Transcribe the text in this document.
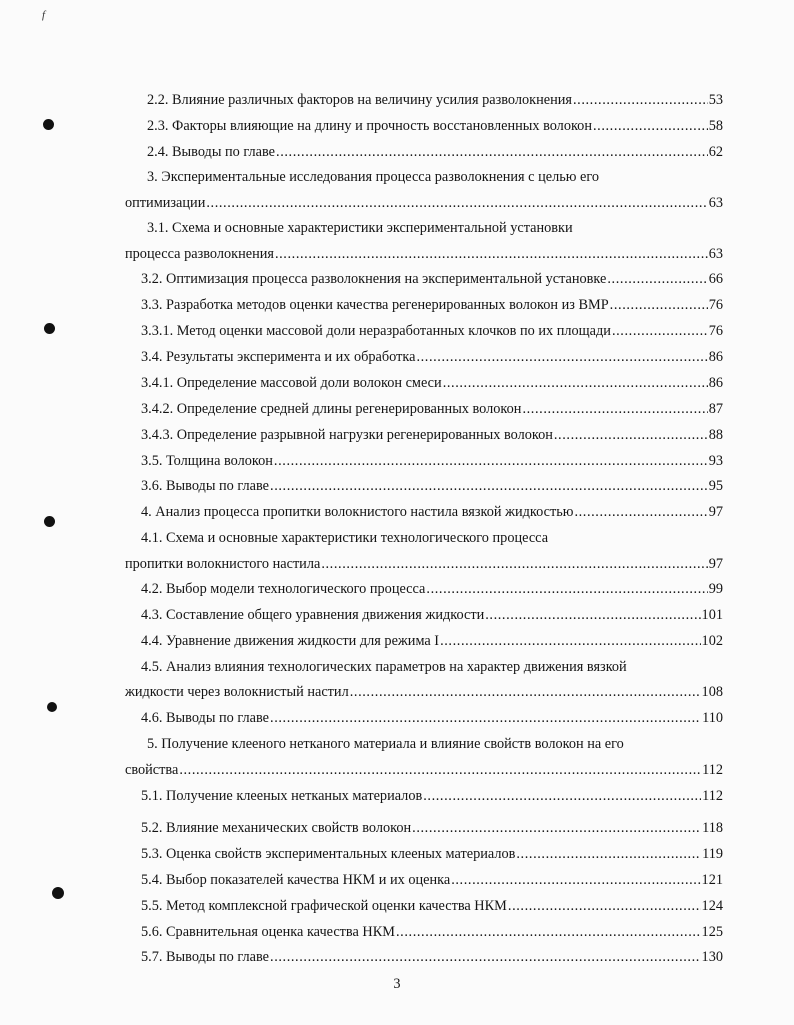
f
2.2. Влияние различных факторов на величину усилия разволокнения .....	53
2.3. Факторы влияющие на длину и прочность восстановленных волокон .....	58
2.4. Выводы по главе .....	62
3. Экспериментальные исследования процесса разволокнения с целью его
оптимизации .....	63
3.1. Схема и основные характеристики экспериментальной установки
процесса разволокнения .....	63
3.2. Оптимизация процесса разволокнения на экспериментальной установке .....	66
3.3. Разработка методов оценки качества регенерированных волокон из ВМР .....	76
3.3.1. Метод оценки массовой доли неразработанных клочков по их площади .....	76
3.4. Результаты эксперимента и их обработка .....	86
3.4.1. Определение массовой доли волокон смеси .....	86
3.4.2. Определение средней длины регенерированных волокон .....	87
3.4.3. Определение разрывной нагрузки регенерированных волокон .....	88
3.5. Толщина волокон .....	93
3.6. Выводы по главе .....	95
4. Анализ процесса пропитки волокнистого настила вязкой жидкостью .....	97
4.1. Схема и основные характеристики технологического процесса
пропитки волокнистого настила .....	97
4.2. Выбор модели технологического процесса .....	99
4.3. Составление общего уравнения движения жидкости .....	101
4.4. Уравнение движения жидкости для режима I .....	102
4.5. Анализ влияния технологических параметров на характер движения вязкой
жидкости через волокнистый настил .....	108
4.6. Выводы по главе .....	110
5. Получение клееного нетканого материала и влияние свойств волокон на его
свойства .....	112
5.1. Получение клееных нетканых материалов .....	112
5.2. Влияние механических свойств волокон .....	118
5.3. Оценка свойств экспериментальных клееных материалов .....	119
5.4. Выбор показателей качества НКМ и их оценка .....	121
5.5. Метод комплексной графической оценки качества НКМ .....	124
5.6. Сравнительная оценка качества НКМ .....	125
5.7. Выводы по главе .....	130
3
